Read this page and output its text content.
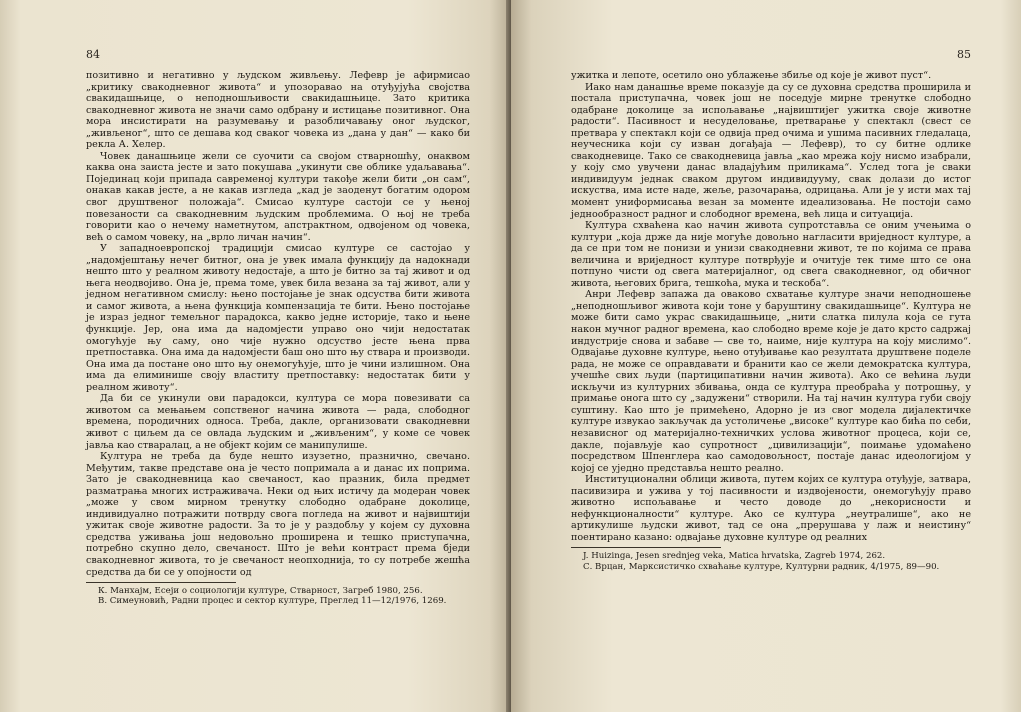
84

позитивно и негативно у људском живљењу. Лефевр је афирмисао „критику свакодневног живота“ и упозоравао на отуђујућа својства свакидашњице, о неподношљивости свакидашњице. Зато критика свакодневног живота не значи само одбрану и истицање позитивног. Она мора инсистирати на разумевању и разобличавању оног људског, „живљеног“, што се дешава код сваког човека из „дана у дан“ — како би рекла А. Хелер.

Човек данашњице жели се суочити са својом стварношћу, онаквом каква она заиста јесте и зато покушава „укинути све облике удаљавања“. Појединац који припада савременој култури такође жели бити „он сам“, онакав какав јесте, а не какав изгледа „кад је заоденут богатим одором свог друштвеног положаја“. Смисао културе састоји се у њеној повезаности са свакодневним људским проблемима. О њој не треба говорити као о нечему наметнутом, апстрактном, одвојеном од човека, већ о самом човеку, на „врло личан начин“.

У западноевропској традицији смисао културе се састојао у „надомјештању нечег битног, она је увек имала функцију да надокнади нешто што у реалном животу недостаје, а што је битно за тај живот и од њега неодвојиво. Она је, према томе, увек била везана за тај живот, али у једном негативном смислу: њено постојање је знак одсуства бити живота и самог живота, а њена функција компензација те бити. Њено постојање је израз једног темељног парадокса, какво једне историје, тако и њене функције. Јер, она има да надомјести управо оно чији недостатак омогућује њу саму, оно чије нужно одсуство јесте њена прва претпоставка. Она има да надомјести баш оно што њу ствара и производи. Она има да постане оно што њу онемогућује, што је чини излишном. Она има да елиминише своју властиту претпоставку: недостатак бити у реалном животу“.

Да би се укинули ови парадокси, култура се мора повезивати са животом са мењањем сопственог начина живота — рада, слободног времена, породичних односа. Треба, дакле, организовати свакодневни живот с циљем да се овлада људским и „живљеним“, у коме се човек јавља као стваралац, а не објект којим се манипулише.

Култура не треба да буде нешто изузетно, празнично, свечано. Међутим, такве представе она је често попримала а и данас их поприма. Зато је свакодневница као свечаност, као празник, била предмет разматрања многих истраживача. Неки од њих истичу да модеран човек „може у свом мирном тренутку слободно одабране доколице, индивидуално потражити потврду свога погледа на живот и највиштији ужитак своје животне радости. За то је у раздобљу у којем су духовна средства уживања још недовољно проширена и тешко приступачна, потребно скупно дело, свечаност. Што је већи контраст према бједи свакодневног живота, то је свечаност неопходнија, то су потребе жешћа средства да би се у опојности од

К. Манхајм, Есеји о социологији културе, Стварност, Загреб 1980, 256.

В. Симеуновић, Радни процес и сектор културе, Преглед 11—12/1976, 1269.

85

ужитка и лепоте, осетило оно ублажење збиље од које је живот пуст“.

Иако нам данашње време показује да су се духовна средства проширила и постала приступачна, човек још не поседује мирне тренутке слободно одабране доколице за испољавање „највиштијег ужитка своје животне радости“. Пасивност и несуделовање, претварање у спектакл (свест се претвара у спектакл који се одвија пред очима и ушима пасивних гледалаца, неучесника који су изван догађаја — Лефевр), то су битне одлике свакодневице. Тако се свакодневица јавља „као мрежа коју нисмо изабрали, у коју смо увучени данас владајућим приликама“. Услед тога је сваки индивидуум једнак сваком другом индивидууму, свак долази до истог искуства, има исте наде, жеље, разочарања, одрицања. Али је у исти мах тај момент униформисања везан за моменте идеализовања. Не постоји само једнообразност радног и слободног времена, већ лица и ситуација.

Култура схваћена као начин живота супротставља се оним учењима о култури „која држе да није могуће довољно нагласити вриједност културе, а да се при том не понизи и унизи свакодневни живот, те по којима се права величина и вриједност културе потврђује и очитује тек тиме што се она потпуно чисти од свега материјалног, од свега свакодневног, од обичног живота, његових брига, тешкоћа, мука и тескоба“.

Анри Лефевр запажа да оваково схватање културе значи неподношење „неподношљивог живота који тоне у баруштину свакидашњице“. Култура не може бити само украс свакидашњице, „нити слатка пилула која се гута након мучног радног времена, као слободно време које је дато крсто садржај индустрије снова и забаве — све то, наиме, није култура на коју мислимо“. Одвајање духовне културе, њено отуђивање као резултата друштвене поделе рада, не може се оправдавати и бранити као се жели демократска култура, учешће свих људи (партиципативни начин живота). Ако се већина људи искључи из културних збивања, онда се култура преобраћа у потрошњу, у примање онога што су „задужени“ створили. На тај начин култура губи своју суштину. Као што је примећено, Адорно је из свог модела дијалектичке културе извукао закључак да устоличење „високе“ културе као бића по себи, независног од материјално-техничких услова животног процеса, који се, дакле, појављује као супротност „цивилизацији“, поимање удомаћено посредством Шпенглера као самодовољност, постаје данас идеологијом у којој се уједно представља нешто реално.

Институционални облици живота, путем којих се култура отуђује, затвара, пасивизира и ужива у тој пасивности и издвојености, онемогућују право животно испољавање и често доводе до „некорисности и нефункционалности“ културе. Ако се култура „неутралише“, ако не артикулише људски живот, тад се она „прерушава у лаж и неистину“ поентирано казано: одвајање духовне културе од реалних

J. Huizinga, Jesen srednjeg veka, Matica hrvatska, Zagreb 1974, 262.

С. Врцан, Марксистичко схваћање културе, Културни радник, 4/1975, 89—90.
